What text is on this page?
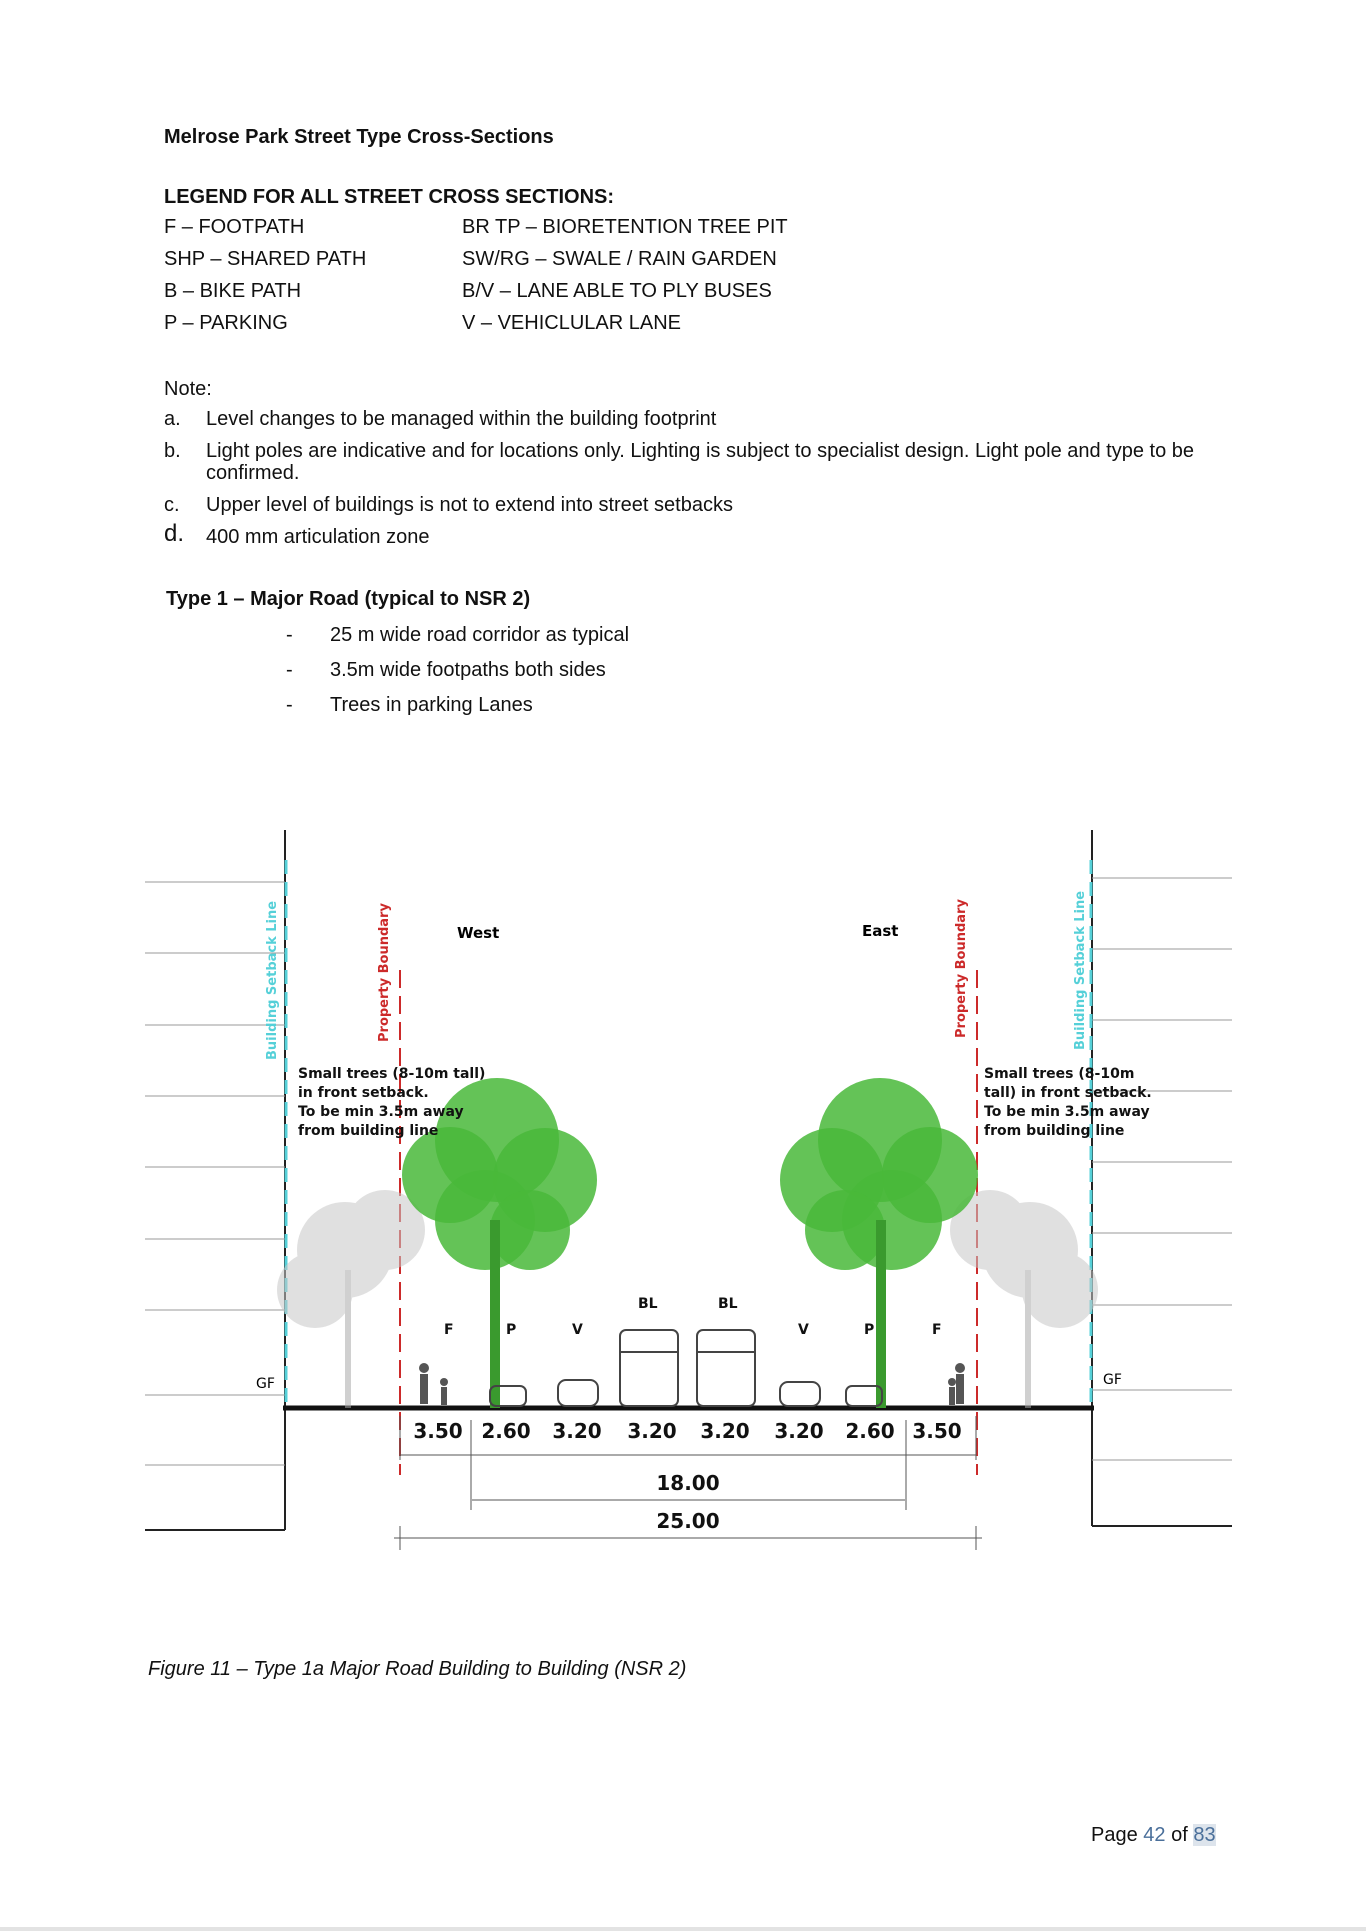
Melrose Park Street Type Cross-Sections
LEGEND FOR ALL STREET CROSS SECTIONS:
F – FOOTPATH	BR TP – BIORETENTION TREE PIT
SHP – SHARED PATH	SW/RG – SWALE / RAIN GARDEN
B – BIKE PATH	B/V – LANE ABLE TO PLY BUSES
P – PARKING	V – VEHICLULAR LANE
Note:
a. Level changes to be managed within the building footprint
b. Light poles are indicative and for locations only. Lighting is subject to specialist design. Light pole and type to be confirmed.
c. Upper level of buildings is not to extend into street setbacks
d. 400 mm articulation zone
Type 1 – Major Road (typical to NSR 2)
- 25 m wide road corridor as typical
- 3.5m wide footpaths both sides
- Trees in parking Lanes
Building Setback Line	Building Setback Line
Property Boundary	Property Boundary
West	East
Small trees (8-10m tall)
in front setback.
To be min 3.5m away
from building line
Small trees (8-10m
tall) in front setback.
To be min 3.5m away
from building line
GF	GF
F	P	V
BL	BL
V	P	F
3.50 2.60 3.20 3.20 3.20 3.20 2.60 3.50
18.00
25.00
Figure 11 – Type 1a Major Road Building to Building (NSR 2)
Page 42 of 83
